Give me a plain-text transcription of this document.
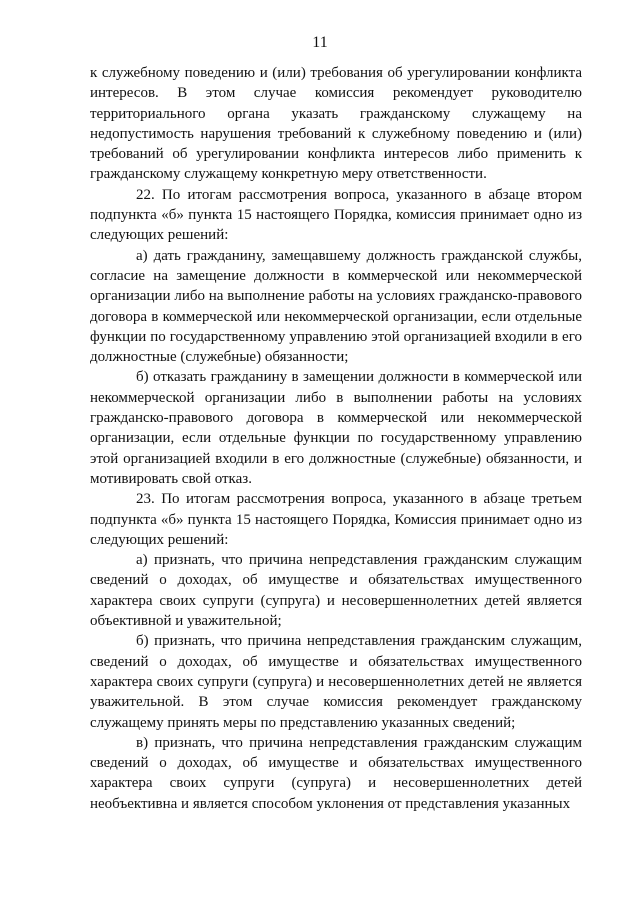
11

к служебному поведению и (или) требования об урегулировании конфликта интересов. В этом случае комиссия рекомендует руководителю территориального органа указать гражданскому служащему на недопустимость нарушения требований к служебному поведению и (или) требований об урегулировании конфликта интересов либо применить к гражданскому служащему конкретную меру ответственности.

22. По итогам рассмотрения вопроса, указанного в абзаце втором подпункта «б» пункта 15 настоящего Порядка, комиссия принимает одно из следующих решений:

а) дать гражданину, замещавшему должность гражданской службы, согласие на замещение должности в коммерческой или некоммерческой организации либо на выполнение работы на условиях гражданско-правового договора в коммерческой или некоммерческой организации, если отдельные функции по государственному управлению этой организацией входили в его должностные (служебные) обязанности;

б) отказать гражданину в замещении должности в коммерческой или некоммерческой организации либо в выполнении работы на условиях гражданско-правового договора в коммерческой или некоммерческой организации, если отдельные функции по государственному управлению этой организацией входили в его должностные (служебные) обязанности, и мотивировать свой отказ.

23. По итогам рассмотрения вопроса, указанного в абзаце третьем подпункта «б» пункта 15 настоящего Порядка, Комиссия принимает одно из следующих решений:

а) признать, что причина непредставления гражданским служащим сведений о доходах, об имуществе и обязательствах имущественного характера своих супруги (супруга) и несовершеннолетних детей является объективной и уважительной;

б) признать, что причина непредставления гражданским служащим, сведений о доходах, об имуществе и обязательствах имущественного характера своих супруги (супруга) и несовершеннолетних детей не является уважительной. В этом случае комиссия рекомендует гражданскому служащему принять меры по представлению указанных сведений;

в) признать, что причина непредставления гражданским служащим сведений о доходах, об имуществе и обязательствах имущественного характера своих супруги (супруга) и несовершеннолетних детей необъективна и является способом уклонения от представления указанных
